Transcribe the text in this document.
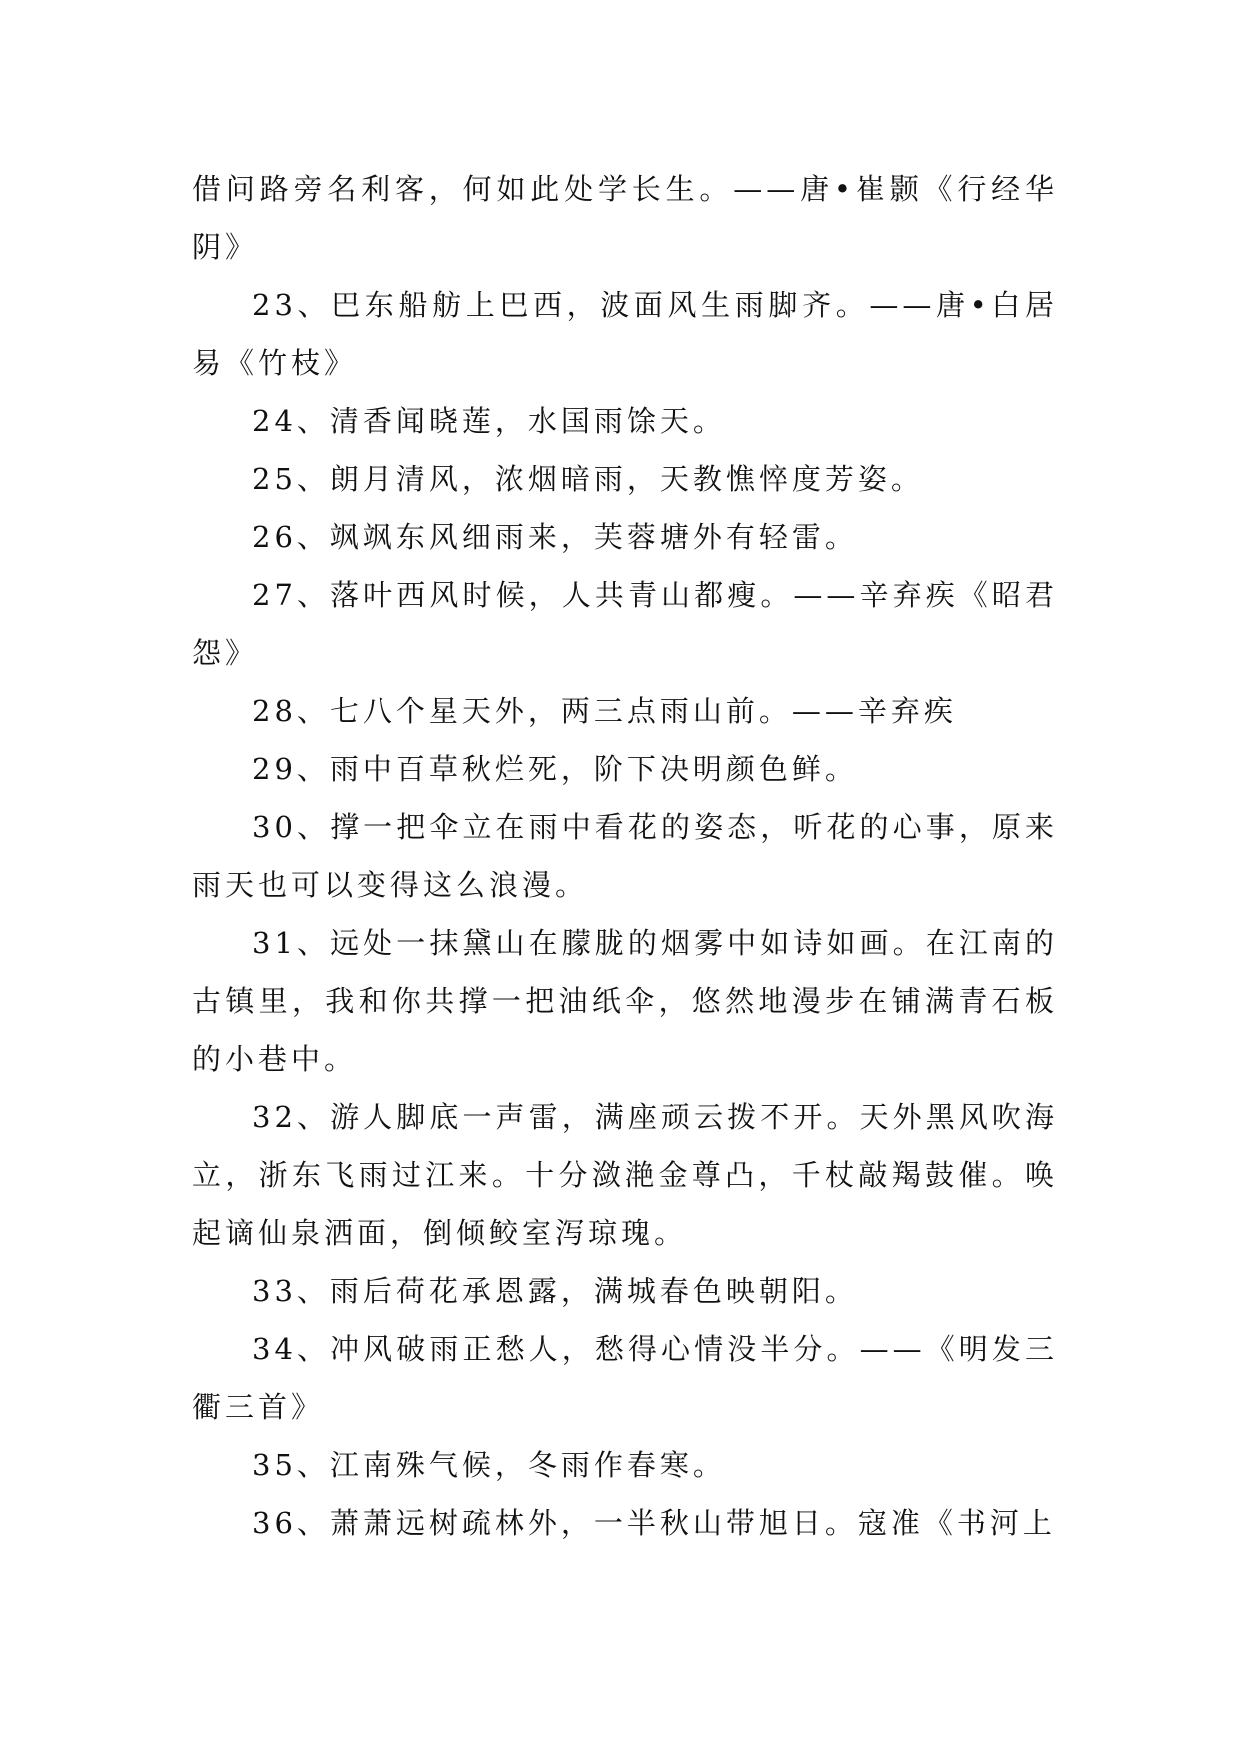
借问路旁名利客，何如此处学长生。——唐•崔颢《行经华阴》

23、巴东船舫上巴西，波面风生雨脚齐。——唐•白居易《竹枝》

24、清香闻晓莲，水国雨馀天。

25、朗月清风，浓烟暗雨，天教憔悴度芳姿。

26、飒飒东风细雨来，芙蓉塘外有轻雷。

27、落叶西风时候，人共青山都瘦。——辛弃疾《昭君怨》

28、七八个星天外，两三点雨山前。——辛弃疾

29、雨中百草秋烂死，阶下决明颜色鲜。

30、撑一把伞立在雨中看花的姿态，听花的心事，原来雨天也可以变得这么浪漫。

31、远处一抹黛山在朦胧的烟雾中如诗如画。在江南的古镇里，我和你共撑一把油纸伞，悠然地漫步在铺满青石板的小巷中。

32、游人脚底一声雷，满座顽云拨不开。天外黑风吹海立，浙东飞雨过江来。十分潋滟金尊凸，千杖敲羯鼓催。唤起谪仙泉洒面，倒倾鲛室泻琼瑰。

33、雨后荷花承恩露，满城春色映朝阳。

34、冲风破雨正愁人，愁得心情没半分。——《明发三衢三首》

35、江南殊气候，冬雨作春寒。

36、萧萧远树疏林外，一半秋山带旭日。寇准《书河上
